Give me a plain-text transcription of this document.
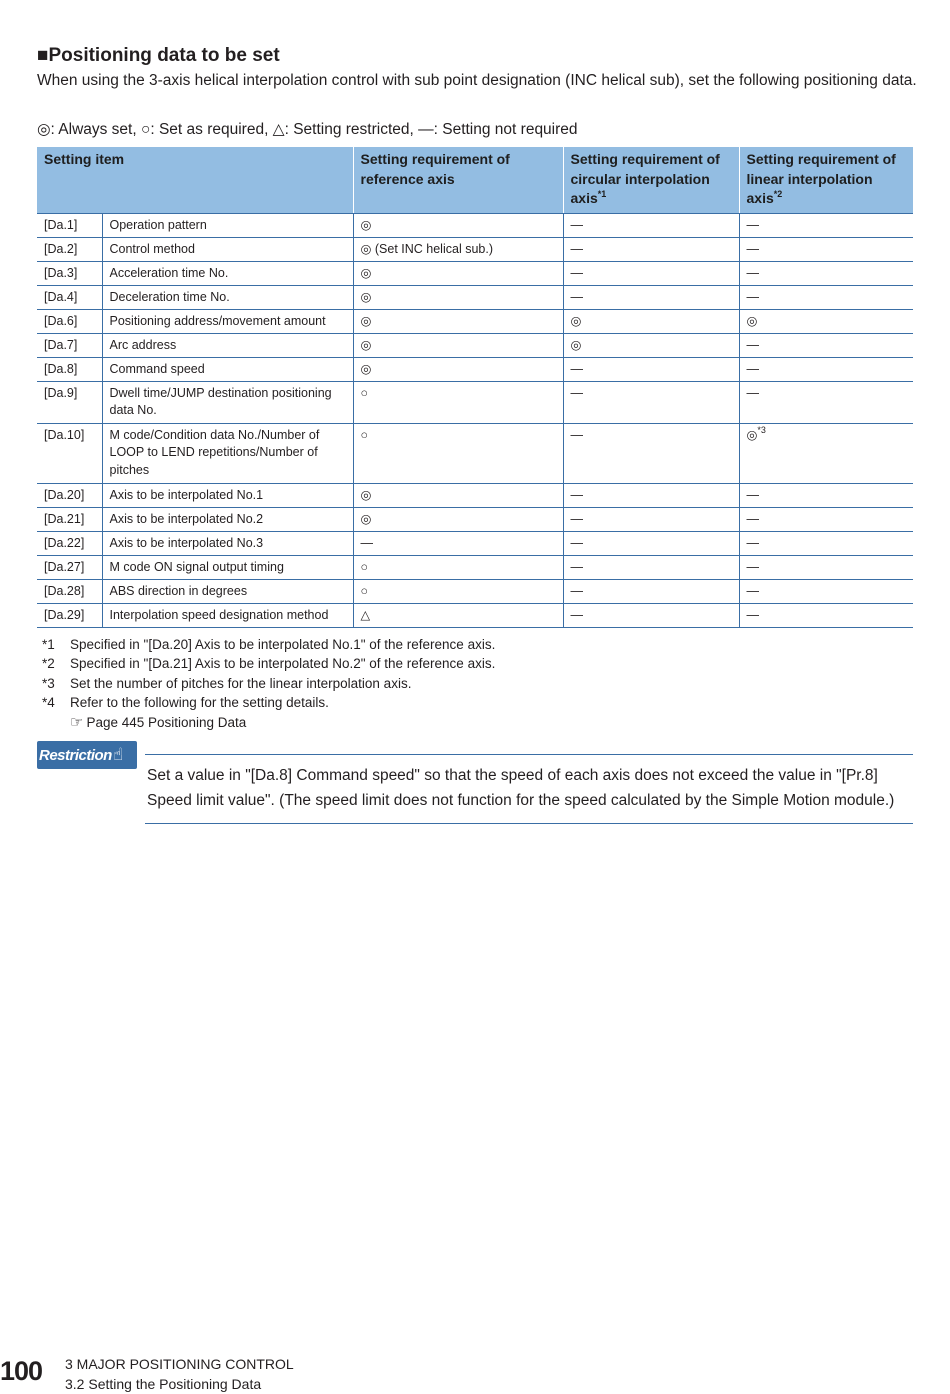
■Positioning data to be set

When using the 3-axis helical interpolation control with sub point designation (INC helical sub), set the following positioning data.

◎: Always set, ○: Set as required, △: Setting restricted, —: Setting not required

Setting item		Setting requirement of reference axis	Setting requirement of circular interpolation axis$^{*1}$	Setting requirement of linear interpolation axis$^{*2}$
[Da.1]	Operation pattern	◎	—	—
[Da.2]	Control method	◎ (Set INC helical sub.)	—	—
[Da.3]	Acceleration time No.	◎	—	—
[Da.4]	Deceleration time No.	◎	—	—
[Da.6]	Positioning address/movement amount	◎	◎	◎
[Da.7]	Arc address	◎	◎	—
[Da.8]	Command speed	◎	—	—
[Da.9]	Dwell time/JUMP destination positioning data No.	○	—	—
[Da.10]	M code/Condition data No./Number of LOOP to LEND repetitions/Number of pitches	○	—	◎$^{*3}$
[Da.20]	Axis to be interpolated No.1	◎	—	—
[Da.21]	Axis to be interpolated No.2	◎	—	—
[Da.22]	Axis to be interpolated No.3	—	—	—
[Da.27]	M code ON signal output timing	○	—	—
[Da.28]	ABS direction in degrees	○	—	—
[Da.29]	Interpolation speed designation method	△	—	—
*1	Specified in "[Da.20] Axis to be interpolated No.1" of the reference axis.
*2	Specified in "[Da.21] Axis to be interpolated No.2" of the reference axis.
*3	Set the number of pitches for the linear interpolation axis.
*4	Refer to the following for the setting details.
☞ Page 445 Positioning Data
Restriction☝

Set a value in "[Da.8] Command speed" so that the speed of each axis does not exceed the value in "[Pr.8] Speed limit value". (The speed limit does not function for the speed calculated by the Simple Motion module.)

100 3 MAJOR POSITIONING CONTROL
3.2 Setting the Positioning Data
